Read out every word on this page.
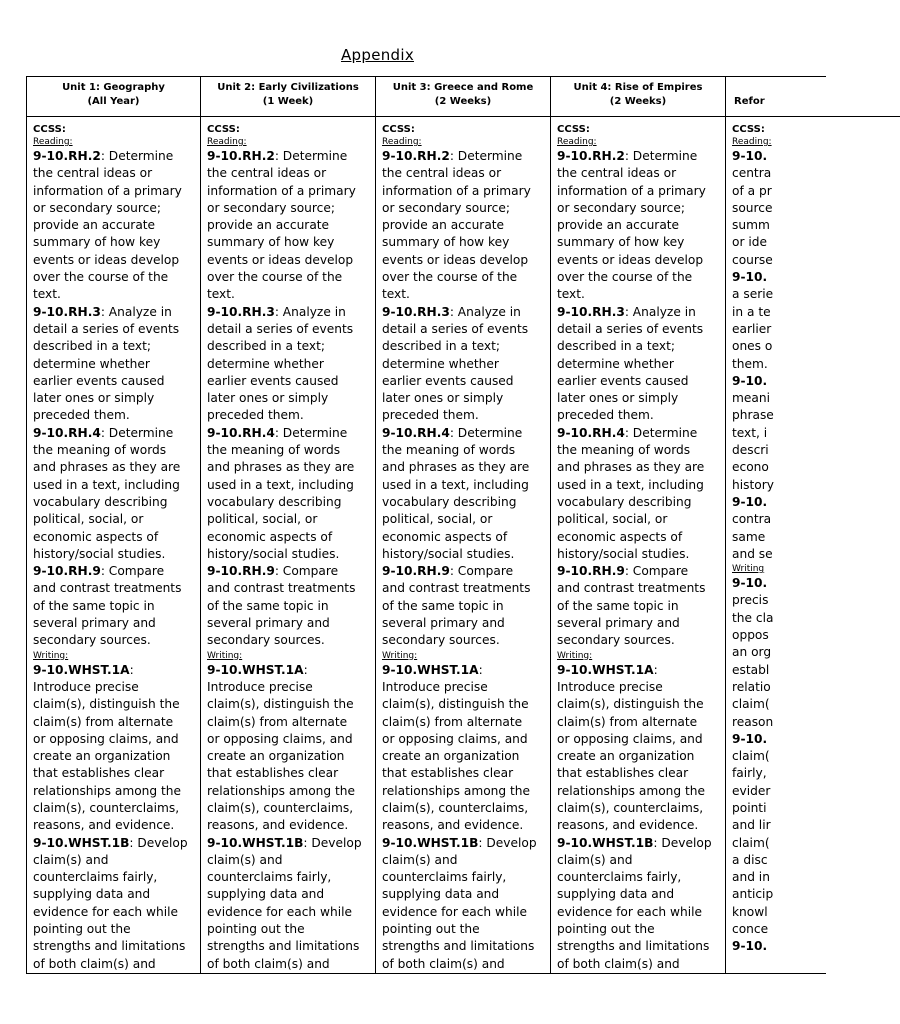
Appendix
Unit 1: Geography
(All Year)
CCSS:
Reading:
9-10.RH.2: Determine
the central ideas or
information of a primary
or secondary source;
provide an accurate
summary of how key
events or ideas develop
over the course of the
text.
9-10.RH.3: Analyze in
detail a series of events
described in a text;
determine whether
earlier events caused
later ones or simply
preceded them.
9-10.RH.4: Determine
the meaning of words
and phrases as they are
used in a text, including
vocabulary describing
political, social, or
economic aspects of
history/social studies.
9-10.RH.9: Compare
and contrast treatments
of the same topic in
several primary and
secondary sources.
Writing:
9-10.WHST.1A:
Introduce precise
claim(s), distinguish the
claim(s) from alternate
or opposing claims, and
create an organization
that establishes clear
relationships among the
claim(s), counterclaims,
reasons, and evidence.
9-10.WHST.1B: Develop
claim(s) and
counterclaims fairly,
supplying data and
evidence for each while
pointing out the
strengths and limitations
of both claim(s) and
Unit 2: Early Civilizations
(1 Week)
CCSS:
Reading:
9-10.RH.2: Determine
the central ideas or
information of a primary
or secondary source;
provide an accurate
summary of how key
events or ideas develop
over the course of the
text.
9-10.RH.3: Analyze in
detail a series of events
described in a text;
determine whether
earlier events caused
later ones or simply
preceded them.
9-10.RH.4: Determine
the meaning of words
and phrases as they are
used in a text, including
vocabulary describing
political, social, or
economic aspects of
history/social studies.
9-10.RH.9: Compare
and contrast treatments
of the same topic in
several primary and
secondary sources.
Writing:
9-10.WHST.1A:
Introduce precise
claim(s), distinguish the
claim(s) from alternate
or opposing claims, and
create an organization
that establishes clear
relationships among the
claim(s), counterclaims,
reasons, and evidence.
9-10.WHST.1B: Develop
claim(s) and
counterclaims fairly,
supplying data and
evidence for each while
pointing out the
strengths and limitations
of both claim(s) and
Unit 3: Greece and Rome
(2 Weeks)
CCSS:
Reading:
9-10.RH.2: Determine
the central ideas or
information of a primary
or secondary source;
provide an accurate
summary of how key
events or ideas develop
over the course of the
text.
9-10.RH.3: Analyze in
detail a series of events
described in a text;
determine whether
earlier events caused
later ones or simply
preceded them.
9-10.RH.4: Determine
the meaning of words
and phrases as they are
used in a text, including
vocabulary describing
political, social, or
economic aspects of
history/social studies.
9-10.RH.9: Compare
and contrast treatments
of the same topic in
several primary and
secondary sources.
Writing:
9-10.WHST.1A:
Introduce precise
claim(s), distinguish the
claim(s) from alternate
or opposing claims, and
create an organization
that establishes clear
relationships among the
claim(s), counterclaims,
reasons, and evidence.
9-10.WHST.1B: Develop
claim(s) and
counterclaims fairly,
supplying data and
evidence for each while
pointing out the
strengths and limitations
of both claim(s) and
Unit 4: Rise of Empires
(2 Weeks)
CCSS:
Reading:
9-10.RH.2: Determine
the central ideas or
information of a primary
or secondary source;
provide an accurate
summary of how key
events or ideas develop
over the course of the
text.
9-10.RH.3: Analyze in
detail a series of events
described in a text;
determine whether
earlier events caused
later ones or simply
preceded them.
9-10.RH.4: Determine
the meaning of words
and phrases as they are
used in a text, including
vocabulary describing
political, social, or
economic aspects of
history/social studies.
9-10.RH.9: Compare
and contrast treatments
of the same topic in
several primary and
secondary sources.
Writing:
9-10.WHST.1A:
Introduce precise
claim(s), distinguish the
claim(s) from alternate
or opposing claims, and
create an organization
that establishes clear
relationships among the
claim(s), counterclaims,
reasons, and evidence.
9-10.WHST.1B: Develop
claim(s) and
counterclaims fairly,
supplying data and
evidence for each while
pointing out the
strengths and limitations
of both claim(s) and
Refor
CCSS:
Reading:
9-10.
centra
of a pr
source
summ
or ide
course
9-10.
a serie
in a te
earlier
ones o
them.
9-10.
meani
phrase
text, i
descri
econo
history
9-10.
contra
same
and se
Writing
9-10.
precis
the cla
oppos
an org
establ
relatio
claim(
reason
9-10.
claim(
fairly,
evider
pointi
and lir
claim(
a disc
and in
anticip
knowl
conce
9-10.
